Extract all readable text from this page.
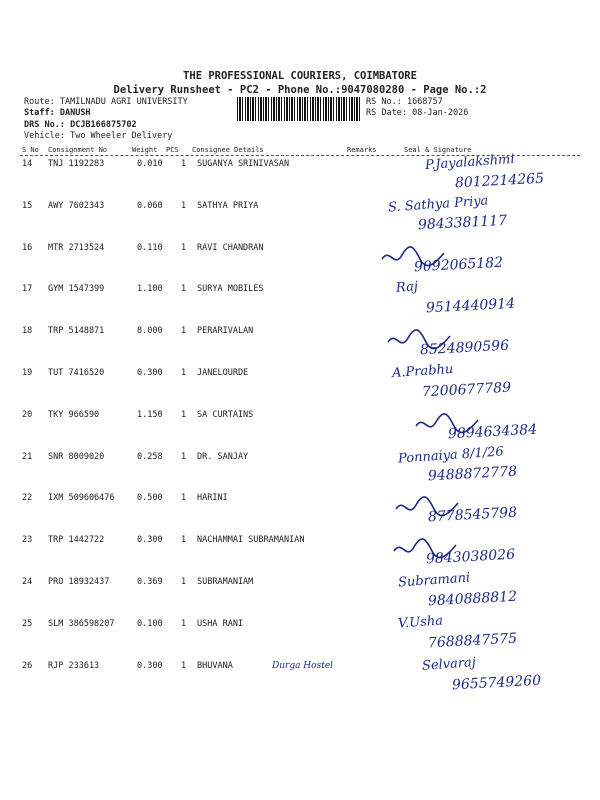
THE PROFESSIONAL COURIERS, COIMBATORE
Delivery Runsheet - PC2 - Phone No.:9047080280 - Page No.:2
Route: TAMILNADU AGRI UNIVERSITY
Staff: DANUSH
DRS No.: DCJB166875702
Vehicle: Two Wheeler Delivery
RS No.: 1668757
RS Date: 08-Jan-2026
S No Consignment No	Weight PCS Consignee Details	Remarks	Seal & Signature
14 TNJ 1192283	0.010 1 SUGANYA SRINIVASAN	P.Jayalakshmi
8012214265
15 AWY 7602343	0.060 1 SATHYA PRIYA	S. Sathya Priya
9843381117
16 MTR 2713524	0.110 1 RAVI CHANDRAN
9092065182
17 GYM 1547399	1.100 1 SURYA MOBILES	Raj
9514440914
18 TRP 5148871	8.000 1 PERARIVALAN
8524890596
19 TUT 7416520	0.300 1 JANELOURDE	A.Prabhu
7200677789
20 TKY 966590	1.150 1 SA CURTAINS
9894634384
21 SNR 8009020	0.258 1 DR. SANJAY	Ponnaiya 8/1/26
9488872778
22 IXM 509606476	0.500 1 HARINI
8778545798
23 TRP 1442722	0.300 1 NACHAMMAI SUBRAMANIAN
9843038026
24 PRO 18932437	0.369 1 SUBRAMANIAM	Subramani
9840888812
25 SLM 386598207	0.100 1 USHA RANI	V.Usha
7688847575
26 RJP 233613	0.300 1 BHUVANA	Durga Hostel	Selvaraj
9655749260
